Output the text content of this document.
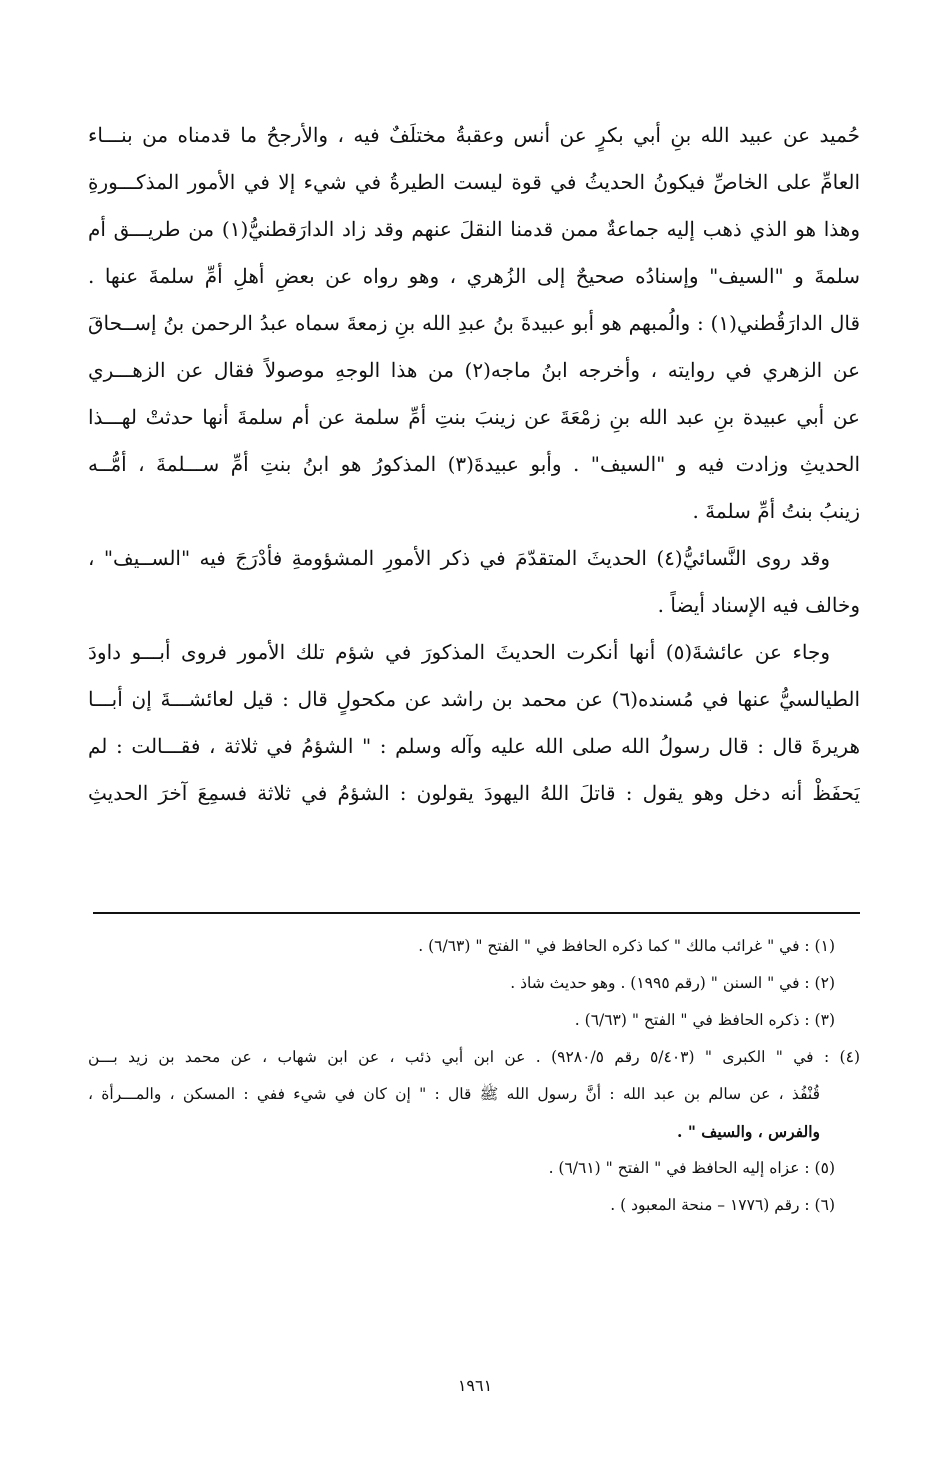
حُميد عن عبيد الله بنِ أبي بكرٍ عن أنس وعقبةُ مختلَفٌ فيه ، والأرجحُ ما قدمناه من بنـــاء
العامِّ على الخاصِّ فيكونُ الحديثُ في قوة ليست الطيرةُ في شيء إلا في الأمور المذكـــورةِ
وهذا هو الذي ذهب إليه جماعةٌ ممن قدمنا النقلَ عنهم وقد زاد الدارَقطنيُّ(١) من طريـــق أم
سلمةَ و "السيف" وإسنادُه صحيحٌ إلى الزُهري ، وهو رواه عن بعضِ أهلِ أمِّ سلمةَ عنها .
قال الدارَقُطني(١) : والُمبهم هو أبو عبيدةَ بنُ عبدِ الله بنِ زمعةَ سماه عبدُ الرحمن بنُ إســحاقَ
عن الزهري في روايته ، وأخرجه ابنُ ماجه(٢) من هذا الوجهِ موصولاً فقال عن الزهـــري
عن أبي عبيدة بنِ عبد الله بنِ زمْعَةَ عن زينبَ بنتِ أمِّ سلمة عن أم سلمةَ أنها حدثتْ لهـــذا
الحديثِ وزادت فيه و "السيف" . وأبو عبيدةَ(٣) المذكورُ هو ابنُ بنتِ أمِّ ســـلمةَ ، أمُّــه
زينبُ بنتُ أمِّ سلمةَ .
وقد روى النَّسائيُّ(٤) الحديثَ المتقدّمَ في ذكر الأمورِ المشؤومةِ فأدْرَجَ فيه "الســيف" ،
وخالف فيه الإسناد أيضاً .
وجاء عن عائشةَ(٥) أنها أنكرت الحديثَ المذكورَ في شؤم تلك الأمور فروى أبـــو داودَ
الطيالسيُّ عنها في مُسنده(٦) عن محمد بن راشد عن مكحولٍ قال : قيل لعائشـــةَ إن أبـــا
هريرةَ قال : قال رسولُ الله صلى الله عليه وآله وسلم : " الشؤمُ في ثلاثة ، فقـــالت : لم
يَحفَظْ أنه دخل وهو يقول : قاتلَ اللهُ اليهودَ يقولون : الشؤمُ في ثلاثة فسمِعَ آخرَ الحديثِ
(١) : في " غرائب مالك " كما ذكره الحافظ في " الفتح " (٦/٦٣) .
(٢) : في " السنن " (رقم ١٩٩٥) . وهو حديث شاذ .
(٣) : ذكره الحافظ في " الفتح " (٦/٦٣) .
(٤) : في " الكبرى " (٥/٤٠٣ رقم ٩٢٨٠/٥) . عن ابن أبي ذئب ، عن ابن شهاب ، عن محمد بن زيد بـــن
قُنْفُذ ، عن سالم بن عبد الله : أنَّ رسول الله ﷺ قال : " إن كان في شيء ففي : المسكن ، والمـــرأة ،
والفرس ، والسيف " .
(٥) : عزاه إليه الحافظ في " الفتح " (٦/٦١) .
(٦) : رقم (١٧٧٦ – منحة المعبود ) .
١٩٦١
